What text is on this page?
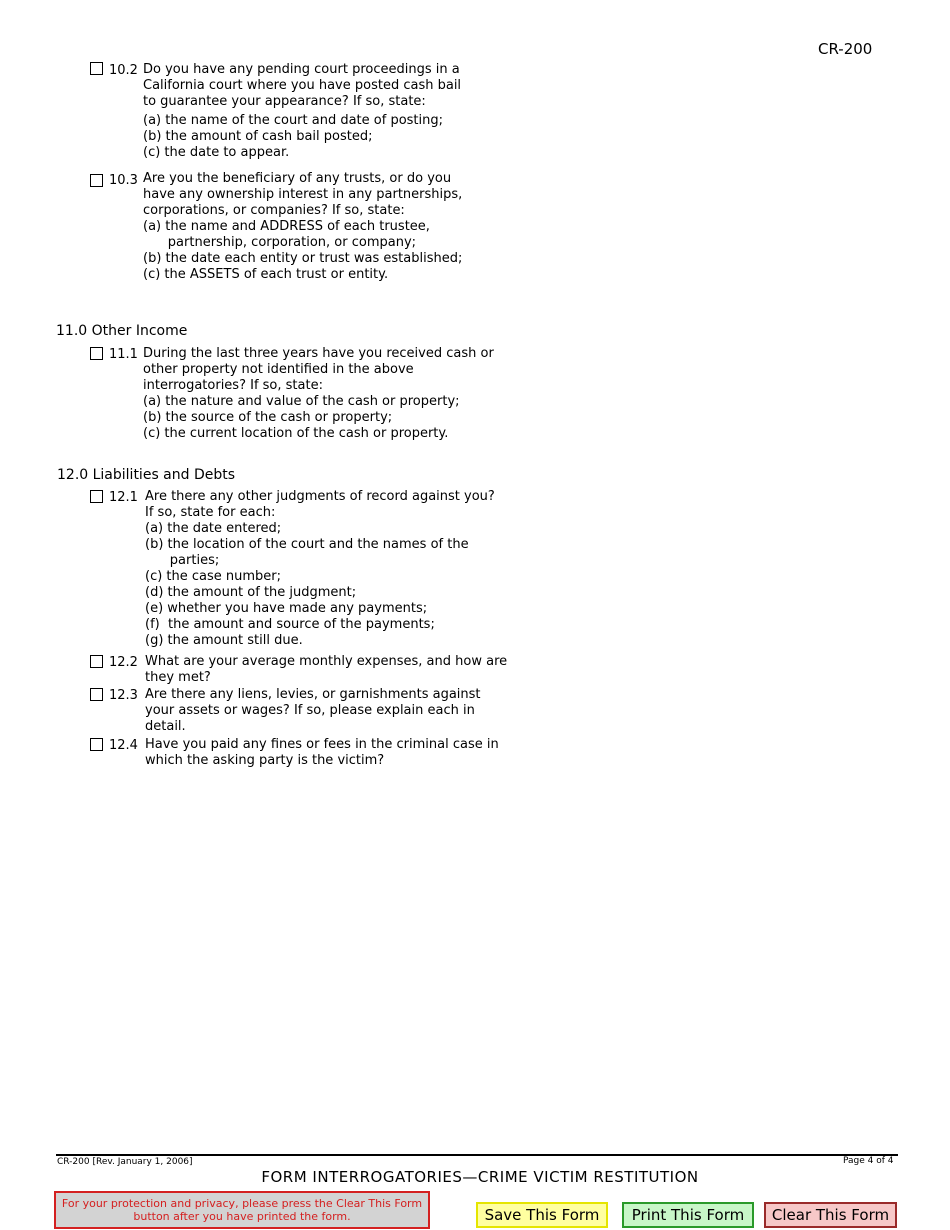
CR-200
10.2 Do you have any pending court proceedings in a
California court where you have posted cash bail
to guarantee your appearance? If so, state:
(a) the name of the court and date of posting;
(b) the amount of cash bail posted;
(c) the date to appear.
10.3 Are you the beneficiary of any trusts, or do you
have any ownership interest in any partnerships,
corporations, or companies? If so, state:
(a) the name and ADDRESS of each trustee,
partnership, corporation, or company;
(b) the date each entity or trust was established;
(c) the ASSETS of each trust or entity.
11.0 Other Income
11.1 During the last three years have you received cash or
other property not identified in the above
interrogatories? If so, state:
(a) the nature and value of the cash or property;
(b) the source of the cash or property;
(c) the current location of the cash or property.
12.0 Liabilities and Debts
12.1 Are there any other judgments of record against you?
If so, state for each:
(a) the date entered;
(b) the location of the court and the names of the
parties;
(c) the case number;
(d) the amount of the judgment;
(e) whether you have made any payments;
(f)  the amount and source of the payments;
(g) the amount still due.
12.2 What are your average monthly expenses, and how are
they met?
12.3 Are there any liens, levies, or garnishments against
your assets or wages? If so, please explain each in
detail.
12.4 Have you paid any fines or fees in the criminal case in
which the asking party is the victim?
CR-200 [Rev. January 1, 2006]	Page 4 of 4
FORM INTERROGATORIES—CRIME VICTIM RESTITUTION
For your protection and privacy, please press the Clear This Form
button after you have printed the form.	Save This Form	Print This Form	Clear This Form
